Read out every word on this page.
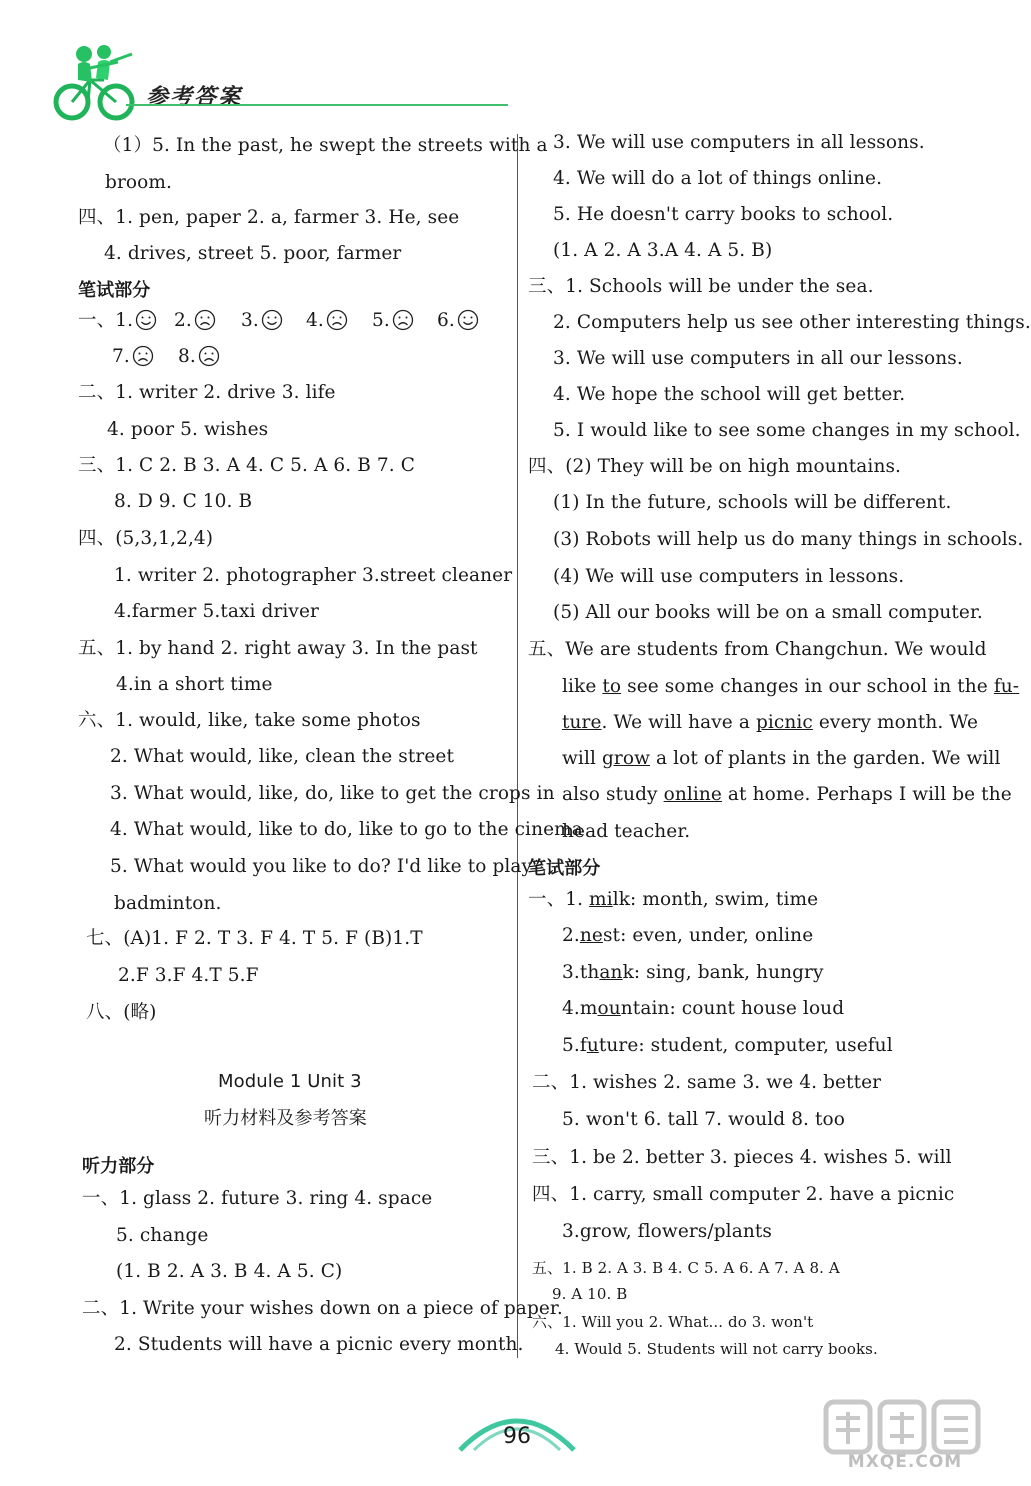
参考答案
（1）5. In the past, he swept the streets with a
broom.
四、1. pen, paper 2. a, farmer 3. He, see
4. drives, street 5. poor, farmer
笔试部分
一、1.	2.	3.	4.	5.	6.
7.	8.
二、1. writer 2. drive 3. life
4. poor 5. wishes
三、1. C 2. B 3. A 4. C 5. A 6. B 7. C
8. D 9. C 10. B
四、(5,3,1,2,4)
1. writer 2. photographer 3.street cleaner
4.farmer 5.taxi driver
五、1. by hand 2. right away 3. In the past
4.in a short time
六、1. would, like, take some photos
2. What would, like, clean the street
3. What would, like, do, like to get the crops in
4. What would, like to do, like to go to the cinema
5. What would you like to do? I'd like to play
badminton.
七、(A)1. F 2. T 3. F 4. T 5. F (B)1.T
2.F 3.F 4.T 5.F
八、(略)
Module 1 Unit 3
听力材料及参考答案
听力部分
一、1. glass 2. future 3. ring 4. space
5. change
(1. B 2. A 3. B 4. A 5. C)
二、1. Write your wishes down on a piece of paper.
2. Students will have a picnic every month.
3. We will use computers in all lessons.
4. We will do a lot of things online.
5. He doesn't carry books to school.
(1. A 2. A 3.A 4. A 5. B)
三、1. Schools will be under the sea.
2. Computers help us see other interesting things.
3. We will use computers in all our lessons.
4. We hope the school will get better.
5. I would like to see some changes in my school.
四、(2) They will be on high mountains.
(1) In the future, schools will be different.
(3) Robots will help us do many things in schools.
(4) We will use computers in lessons.
(5) All our books will be on a small computer.
五、We are students from Changchun. We would
like to see some changes in our school in the fu-
ture. We will have a picnic every month. We
will grow a lot of plants in the garden. We will
also study online at home. Perhaps I will be the
head teacher.
笔试部分
一、1. milk: month, swim, time
2.nest: even, under, online
3.thank: sing, bank, hungry
4.mountain: count house loud
5.future: student, computer, useful
二、1. wishes 2. same 3. we 4. better
5. won't 6. tall 7. would 8. too
三、1. be 2. better 3. pieces 4. wishes 5. will
四、1. carry, small computer 2. have a picnic
3.grow, flowers/plants
五、1. B 2. A 3. B 4. C 5. A 6. A 7. A 8. A
9. A 10. B
六、1. Will you 2. What... do 3. won't
4. Would 5. Students will not carry books.
96
MXQE.COM
